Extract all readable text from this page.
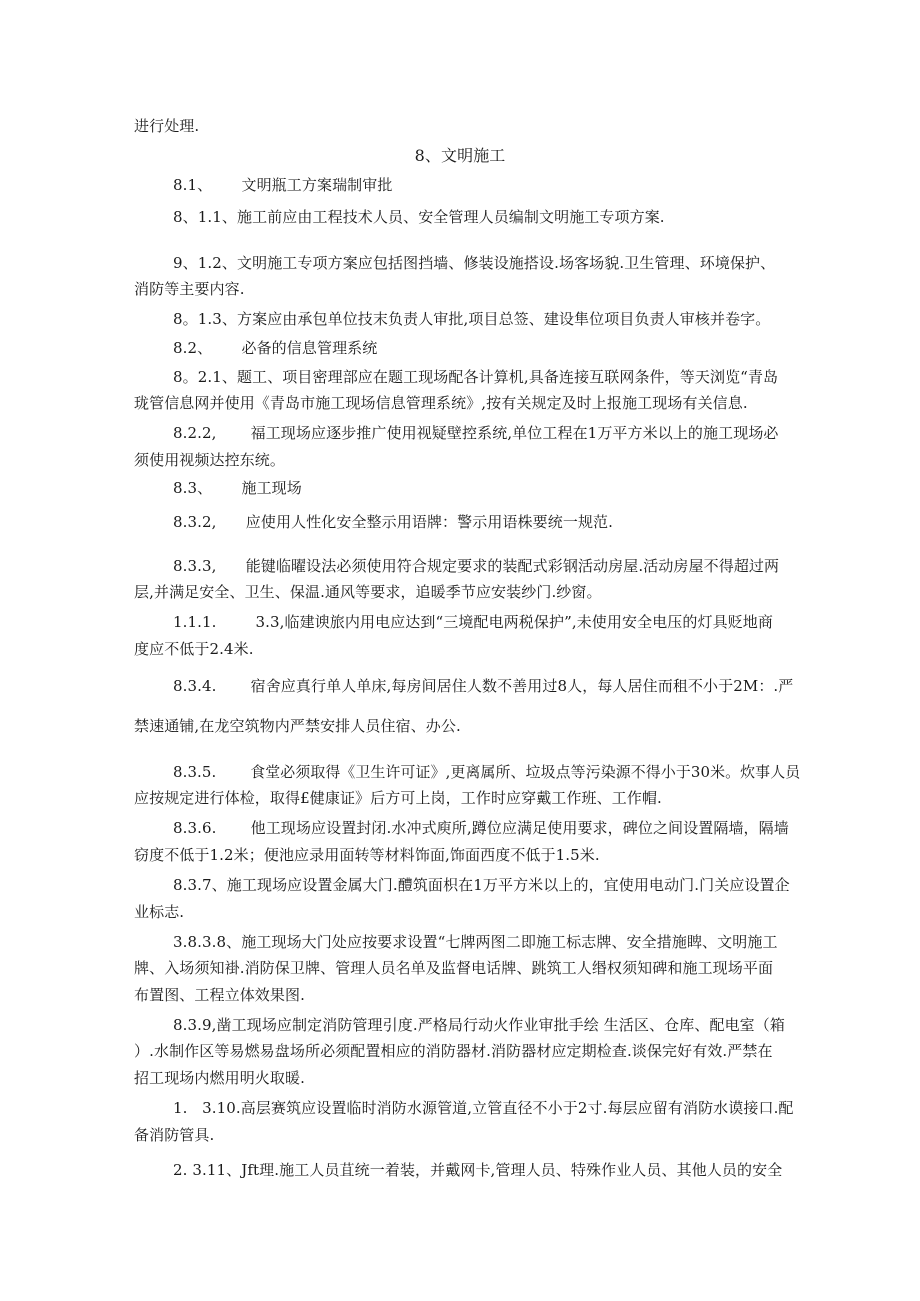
进行处理.
8、文明施工
8.1、      文明瓶工方案瑞制审批
8、1.1、施工前应由工程技术人员、安全管理人员编制文明施工专项方案.
9、1.2、文明施工专项方案应包括图挡墙、修装设施搭设.场客场貌.卫生管理、环境保护、
消防等主要内容.
8。1.3、方案应由承包单位技末负责人审批,项目总签、建设隼位项目负责人审核并卷字。
8.2、      必备的信息管理系统
8。2.1、题工、项目密理部应在题工现场配各计算机,具备连接互联网条件，等天浏览“青岛
珑管信息网并使用《青岛市施工现场信息管理系统》,按有关规定及时上报施工现场有关信息.
8.2.2,       福工现场应逐步推广使用视疑壁控系统,单位工程在1万平方米以上的施工现场必
须使用视频达控东统。
8.3、      施工现场
8.3.2,      应使用人性化安全整示用语牌：警示用语株要统一规范.
8.3.3,      能键临曜设法必须使用符合规定要求的装配式彩钢活动房屋.活动房屋不得超过两
层,并满足安全、卫生、保温.通风等要求，追暖季节应安装纱门.纱窗。
1.1.1.        3.3,临建谀旅内用电应达到“三境配电两税保护”,未使用安全电压的灯具贬地商
度应不低于2.4米.
8.3.4.       宿舍应真行单人单床,每房间居住人数不善用过8人，每人居住而租不小于2M：.严
禁速通铺,在龙空筑物内严禁安排人员住宿、办公.
8.3.5.       食堂必须取得《卫生许可证》,更离属所、垃圾点等污染源不得小于30米。炊事人员
应按规定进行体检，取得£健康证》后方可上岗，工作时应穿戴工作班、工作帽.
8.3.6.       他工现场应设置封闭.水冲式庾所,蹲位应满足使用要求，碑位之间设置隔墙，隔墙
窃度不低于1.2米；便池应录用面转等材料饰面,饰面西度不低于1.5米.
8.3.7、施工现场应设置金属大门.醴筑面枳在1万平方米以上的，宜使用电动门.门关应设置企
业标志.
3.8.3.8、施工现场大门处应按要求设置“七牌两图二即施工标志牌、安全措施睥、文明施工
牌、入场须知褂.消防保卫牌、管理人员名单及监督电话牌、跳筑工人缗权须知碑和施工现场平面
布置图、工程立体效果图.
8.3.9,凿工现场应制定消防管理引度.严格局行动火作业审批手绘 生活区、仓库、配电室（箱
）.水制作区等易燃易盘场所必须配置相应的消防器材.消防器材应定期检查.谈保完好有效.严禁在
招工现场内燃用明火取暖.
1.   3.10.高层赛筑应设置临时消防水源管道,立管直径不小于2寸.每层应留有消防水谟接口.配
备消防管具.
2. 3.11、Jft理.施工人员苴统一着装，并戴网卡,管理人员、特殊作业人员、其他人员的安全
